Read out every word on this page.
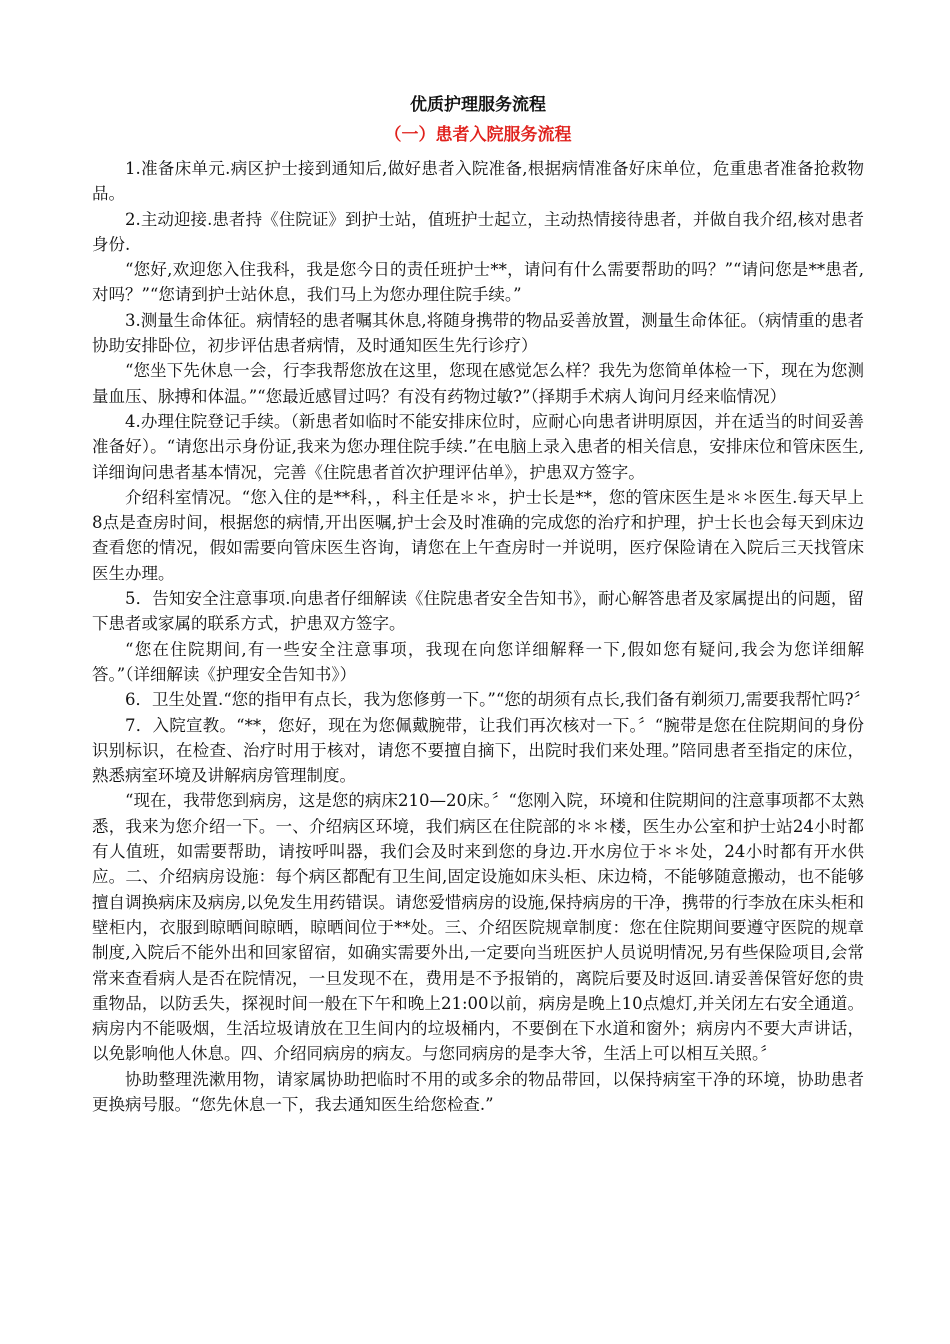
优质护理服务流程
（一）患者入院服务流程

1.准备床单元.病区护士接到通知后,做好患者入院准备,根据病情准备好床单位，危重患者准备抢救物品。

2.主动迎接.患者持《住院证》到护士站，值班护士起立，主动热情接待患者，并做自我介绍,核对患者身份.

“您好,欢迎您入住我科，我是您今日的责任班护士**，请问有什么需要帮助的吗？”“请问您是**患者,对吗？”“您请到护士站休息，我们马上为您办理住院手续。”

3.测量生命体征。病情轻的患者嘱其休息,将随身携带的物品妥善放置，测量生命体征。（病情重的患者协助安排卧位，初步评估患者病情，及时通知医生先行诊疗）

“您坐下先休息一会，行李我帮您放在这里，您现在感觉怎么样？我先为您简单体检一下，现在为您测量血压、脉搏和体温。”“您最近感冒过吗？有没有药物过敏?”（择期手术病人询问月经来临情况）

4.办理住院登记手续。（新患者如临时不能安排床位时，应耐心向患者讲明原因，并在适当的时间妥善准备好）。“请您出示身份证,我来为您办理住院手续.”在电脑上录入患者的相关信息，安排床位和管床医生,详细询问患者基本情况，完善《住院患者首次护理评估单》，护患双方签字。

介绍科室情况。“您入住的是**科，，科主任是＊＊，护士长是**，您的管床医生是＊＊医生.每天早上8点是查房时间，根据您的病情,开出医嘱,护士会及时准确的完成您的治疗和护理，护士长也会每天到床边查看您的情况，假如需要向管床医生咨询，请您在上午查房时一并说明，医疗保险请在入院后三天找管床医生办理。

5．告知安全注意事项.向患者仔细解读《住院患者安全告知书》，耐心解答患者及家属提出的问题，留下患者或家属的联系方式，护患双方签字。

“您在住院期间,有一些安全注意事项，我现在向您详细解释一下,假如您有疑问,我会为您详细解答。”（详细解读《护理安全告知书》）

6．卫生处置.“您的指甲有点长，我为您修剪一下。”“您的胡须有点长,我们备有剃须刀,需要我帮忙吗?〞

7．入院宣教。“**，您好，现在为您佩戴腕带，让我们再次核对一下。〞“腕带是您在住院期间的身份识别标识，在检查、治疗时用于核对，请您不要擅自摘下，出院时我们来处理。”陪同患者至指定的床位，熟悉病室环境及讲解病房管理制度。

“现在，我带您到病房，这是您的病床210—20床。〞“您刚入院，环境和住院期间的注意事项都不太熟悉，我来为您介绍一下。一、介绍病区环境，我们病区在住院部的＊＊楼，医生办公室和护士站24小时都有人值班，如需要帮助，请按呼叫器，我们会及时来到您的身边.开水房位于＊＊处，24小时都有开水供应。二、介绍病房设施：每个病区都配有卫生间,固定设施如床头柜、床边椅，不能够随意搬动，也不能够擅自调换病床及病房,以免发生用药错误。请您爱惜病房的设施,保持病房的干净，携带的行李放在床头柜和壁柜内，衣服到晾晒间晾晒，晾晒间位于**处。三、介绍医院规章制度：您在住院期间要遵守医院的规章制度,入院后不能外出和回家留宿，如确实需要外出,一定要向当班医护人员说明情况,另有些保险项目,会常常来查看病人是否在院情况，一旦发现不在，费用是不予报销的，离院后要及时返回.请妥善保管好您的贵重物品，以防丢失，探视时间一般在下午和晚上21:00以前，病房是晚上10点熄灯,并关闭左右安全通道。病房内不能吸烟，生活垃圾请放在卫生间内的垃圾桶内，不要倒在下水道和窗外；病房内不要大声讲话，以免影响他人休息。四、介绍同病房的病友。与您同病房的是李大爷，生活上可以相互关照。〞

协助整理洗漱用物，请家属协助把临时不用的或多余的物品带回，以保持病室干净的环境，协助患者更换病号服。“您先休息一下，我去通知医生给您检查.”
